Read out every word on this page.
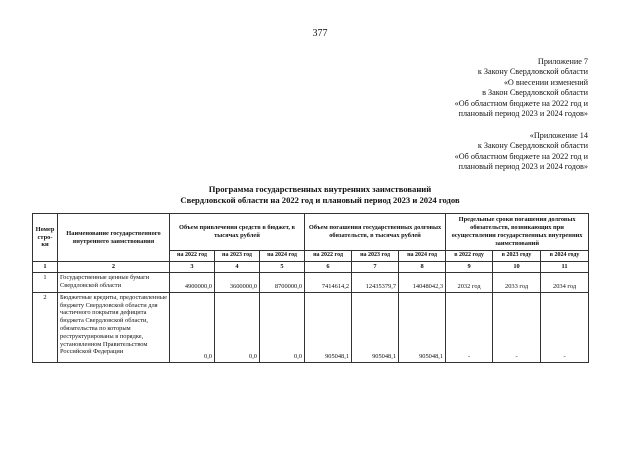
377
Приложение 7
к Закону Свердловской области
«О внесении изменений
в Закон Свердловской области
«Об областном бюджете на 2022 год и
плановый период 2023 и 2024 годов»
«Приложение 14
к Закону Свердловской области
«Об областном бюджете на 2022 год и
плановый период 2023 и 2024 годов»
Программа государственных внутренних заимствований
Свердловской области на 2022 год и плановый период 2023 и 2024 годов
Номер стро-ки	Наименование государственного внутреннего заимствования	Объем привлечения средств в бюджет, в тысячах рублей			Объем погашения государственных долговых обязательств, в тысячах рублей			Предельные сроки погашения долговых обязательств, возникающих при осуществлении государственных внутренних заимствований		
		на 2022 год	на 2023 год	на 2024 год	на 2022 год	на 2023 год	на 2024 год	в 2022 году	в 2023 году	в 2024 году
1	2	3	4	5	6	7	8	9	10	11
1	Государственные ценные бумаги Свердловской области	4900000,0	3600000,0	8700000,0	7414614,2	12435379,7	14048042,3	2032 год	2033 год	2034 год
2	Бюджетные кредиты, предоставленные бюджету Свердловской области для частичного покрытия дефицита бюджета Свердловской области, обязательства по которым реструктурированы в порядке, установленном Правительством Российской Федерации	0,0	0,0	0,0	905048,1	905048,1	905048,1	-	-	-
